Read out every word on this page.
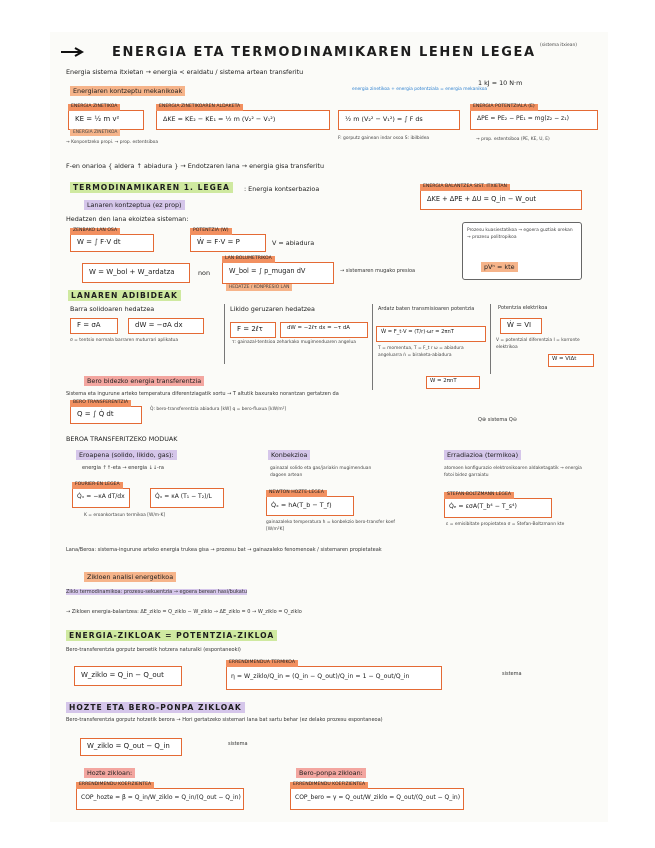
ENERGIA ETA TERMODINAMIKAREN LEHEN LEGEA (sistema itxiean)
Energia sistema itxietan → energia < eraldatu / sistema artean transferitu
1 kJ = 10 N·m
Energiaren kontzeptu mekanikoak	energia zinetikoa + energia potentziala = energia mekanikoa
ENERGIA ZINETIKOA
KE = ½ m v²
ENERGIA ZINETIKOA
→ Konpontzeko propi. → prop. estentsiboa
ENERGIA ZINETIKOAREN ALDAKETA
ΔKE = KE₂ − KE₁ = ½ m (V₂² − V₁²)	½ m (V₂² − V₁²) = ∫ F ds
F: gorputz gainean indar osoa S: ibilbidea
ENERGIA POTENTZIALA (E)
ΔPE = PE₂ − PE₁ = mg(z₂ − z₁)
→ prop. estentsiboa (PE, KE, U, E)
F-en onarioa { aldera ↑ abiadura } → Endotzaren lana → energia gisa transferitu
TERMODINAMIKAREN 1. LEGEA	: Energia kontserbazioa	ENERGIA BALANTZEA SIST. ITXIETAN
ΔKE + ΔPE + ΔU = Q_in − W_out
Lanaren kontzeptua (ez prop)
Hedatzen den lana ekoiztea sisteman:
ZENBAKO LAN OSA
W = ∫ F·V dt
POTENTZIA (W)
Ẇ = F·V = P	V = abiadura
Prozesu kuasiestatikoa → egoera guztiak orekan → prozesu politropikoa
pVⁿ = kte
W = W_bol + W_ardatza	non
LAN BOLUMETRIKOA
W_bol = ∫ p_mugan dV
HEDATZE / KONPRESIO LAN
→ sistemaren mugako presioa
LANAREN ADIBIDEAK
Barra solidoaren hedatzea
F = σA	dW = −σA dx
σ = tentsio normala barraren muturrari aplikatua
Likido geruzaren hedatzea
F = 2ℓτ	dW = −2ℓτ dx = −τ dA
τ: gainazal-tentsioa zeharkako mugimenduaren angelua
Ardatz baten transmisioaren potentzia
Ẇ = F_t·V = (T/r)·ωr = 2πnT
T = momentua, T = F_t r ω = abiadura angeluarra ṅ = biraketa-abiadura
W = 2πnT
Potentzia elektrikoa
Ẇ = VI
V = potentzial diferentzia I = korronte elektrikoa
W = VIΔt
Bero bidezko energia transferentzia
Sistema eta ingurune arteko temperatura diferentziagatik sortu → T altutik baxurako norantzan gertatzen da
BERO TRANSFERENTZIA
Q = ∫ Q̇ dt
Q̇: bero-transferentzia abiadura [kW] q = bero-fluxua [kW/m²]
Q⊕ sistema Q⊖
BEROA TRANSFERITZEKO MODUAK
Eroapena (solido, likido, gas):
energia ↑↑-eta → energia ↓↓-ra
FOURIER-EN LEGEA
Q̇ₓ = −κA dT/dx	Q̇ₓ = κA (T₁ − T₂)/L
K = eroankortasun termikoa [W/m·K]
Konbekzioa
gainazal solido eta gas/jariakin mugimenduan dagoen artean
NEWTON HOZTE-LEGEA
Q̇ₓ = hA(T_b − T_f)
gainazaleko temperatura h = konbekzio bero-transfer koef [W/m²K]
Erradiazioa (termikoa)
atomoen konfigurazio elektronikoaren aldaketagatik → energia fotoi bidez garraiatu
STEFAN-BOLTZMANN LEGEA
Q̇ₑ = εσA(T_b⁴ − T_s⁴)
ε = emisibitate propietatea σ = Stefan-Boltzmann kte
Lana/Beroa: sistema-ingurune arteko energia trukea gisa → prozesu bat → gainazaleko fenomenoak / sistemaren propietateak
Zikloen analisi energetikoa
Ziklo termodinamikoa: prozesu-sekuentzia → egoera berean hasi/bukatu
→ Zikloen energia-balantzea: ΔE_ziklo = Q_ziklo − W_ziklo → ΔE_ziklo = 0 → W_ziklo = Q_ziklo
ENERGIA-ZIKLOAK = POTENTZIA-ZIKLOA
Bero-transferentzia gorputz beroetik hotzera naturalki (espontaneoki)
W_ziklo = Q_in − Q_out
ERRENDIMENDUA TERMIKOA
η = W_ziklo/Q_in = (Q_in − Q_out)/Q_in = 1 − Q_out/Q_in	sistema
HOZTE ETA BERO-PONPA ZIKLOAK
Bero-transferentzia gorputz hotzetik berora → Hori gertatzeko sistemari lana bat sartu behar (ez delako prozesu espontaneoa)
W_ziklo = Q_out − Q_in	sistema
Hozte zikloan:
ERRENDIMENDU KOEFIZIENTEA
COP_hozte = β = Q_in/W_ziklo = Q_in/(Q_out − Q_in)
Bero-ponpa zikloan:
ERRENDIMENDU KOEFIZIENTEA
COP_bero = γ = Q_out/W_ziklo = Q_out/(Q_out − Q_in)
